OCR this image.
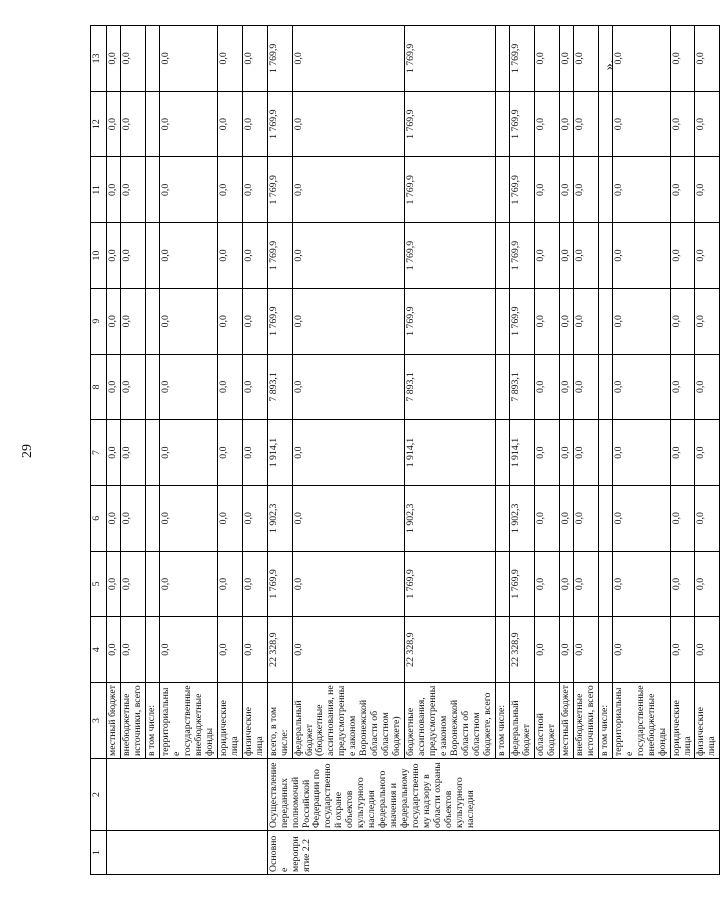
29
».
1	2	3	4	5	6	7	8	9	10	11	12	13
		местный бюджет	0,0	0,0	0,0	0,0	0,0	0,0	0,0	0,0	0,0	0,0
		внебюджетные источники, всего	0,0	0,0	0,0	0,0	0,0	0,0	0,0	0,0	0,0	0,0
		в том числе:										
		территориальные государственные внебюджетные фонды	0,0	0,0	0,0	0,0	0,0	0,0	0,0	0,0	0,0	0,0
		юридические лица	0,0	0,0	0,0	0,0	0,0	0,0	0,0	0,0	0,0	0,0
		физические лица	0,0	0,0	0,0	0,0	0,0	0,0	0,0	0,0	0,0	0,0
Основное мероприятие 2.2	Осуществление переданных полномочий Российской Федерации по государственной охране объектов культурного наследия федерального значения и федеральному государственному надзору в области охраны объектов культурного наследия	всего, в том числе:	22 328,9	1 769,9	1 902,3	1 914,1	7 893,1	1 769,9	1 769,9	1 769,9	1 769,9	1 769,9
		федеральный бюджет (бюджетные ассигнования, не предусмотренные законом Воронежской области об областном бюджете)	0,0	0,0	0,0	0,0	0,0	0,0	0,0	0,0	0,0	0,0
		бюджетные ассигнования, предусмотренные законом Воронежской области об областном бюджете, всего	22 328,9	1 769,9	1 902,3	1 914,1	7 893,1	1 769,9	1 769,9	1 769,9	1 769,9	1 769,9
		в том числе:										
		федеральный бюджет	22 328,9	1 769,9	1 902,3	1 914,1	7 893,1	1 769,9	1 769,9	1 769,9	1 769,9	1 769,9
		областной бюджет	0,0	0,0	0,0	0,0	0,0	0,0	0,0	0,0	0,0	0,0
		местный бюджет	0,0	0,0	0,0	0,0	0,0	0,0	0,0	0,0	0,0	0,0
		внебюджетные источники, всего	0,0	0,0	0,0	0,0	0,0	0,0	0,0	0,0	0,0	0,0
		в том числе:										
		территориальные государственные внебюджетные фонды	0,0	0,0	0,0	0,0	0,0	0,0	0,0	0,0	0,0	0,0
		юридические лица	0,0	0,0	0,0	0,0	0,0	0,0	0,0	0,0	0,0	0,0
		физические лица	0,0	0,0	0,0	0,0	0,0	0,0	0,0	0,0	0,0	0,0
